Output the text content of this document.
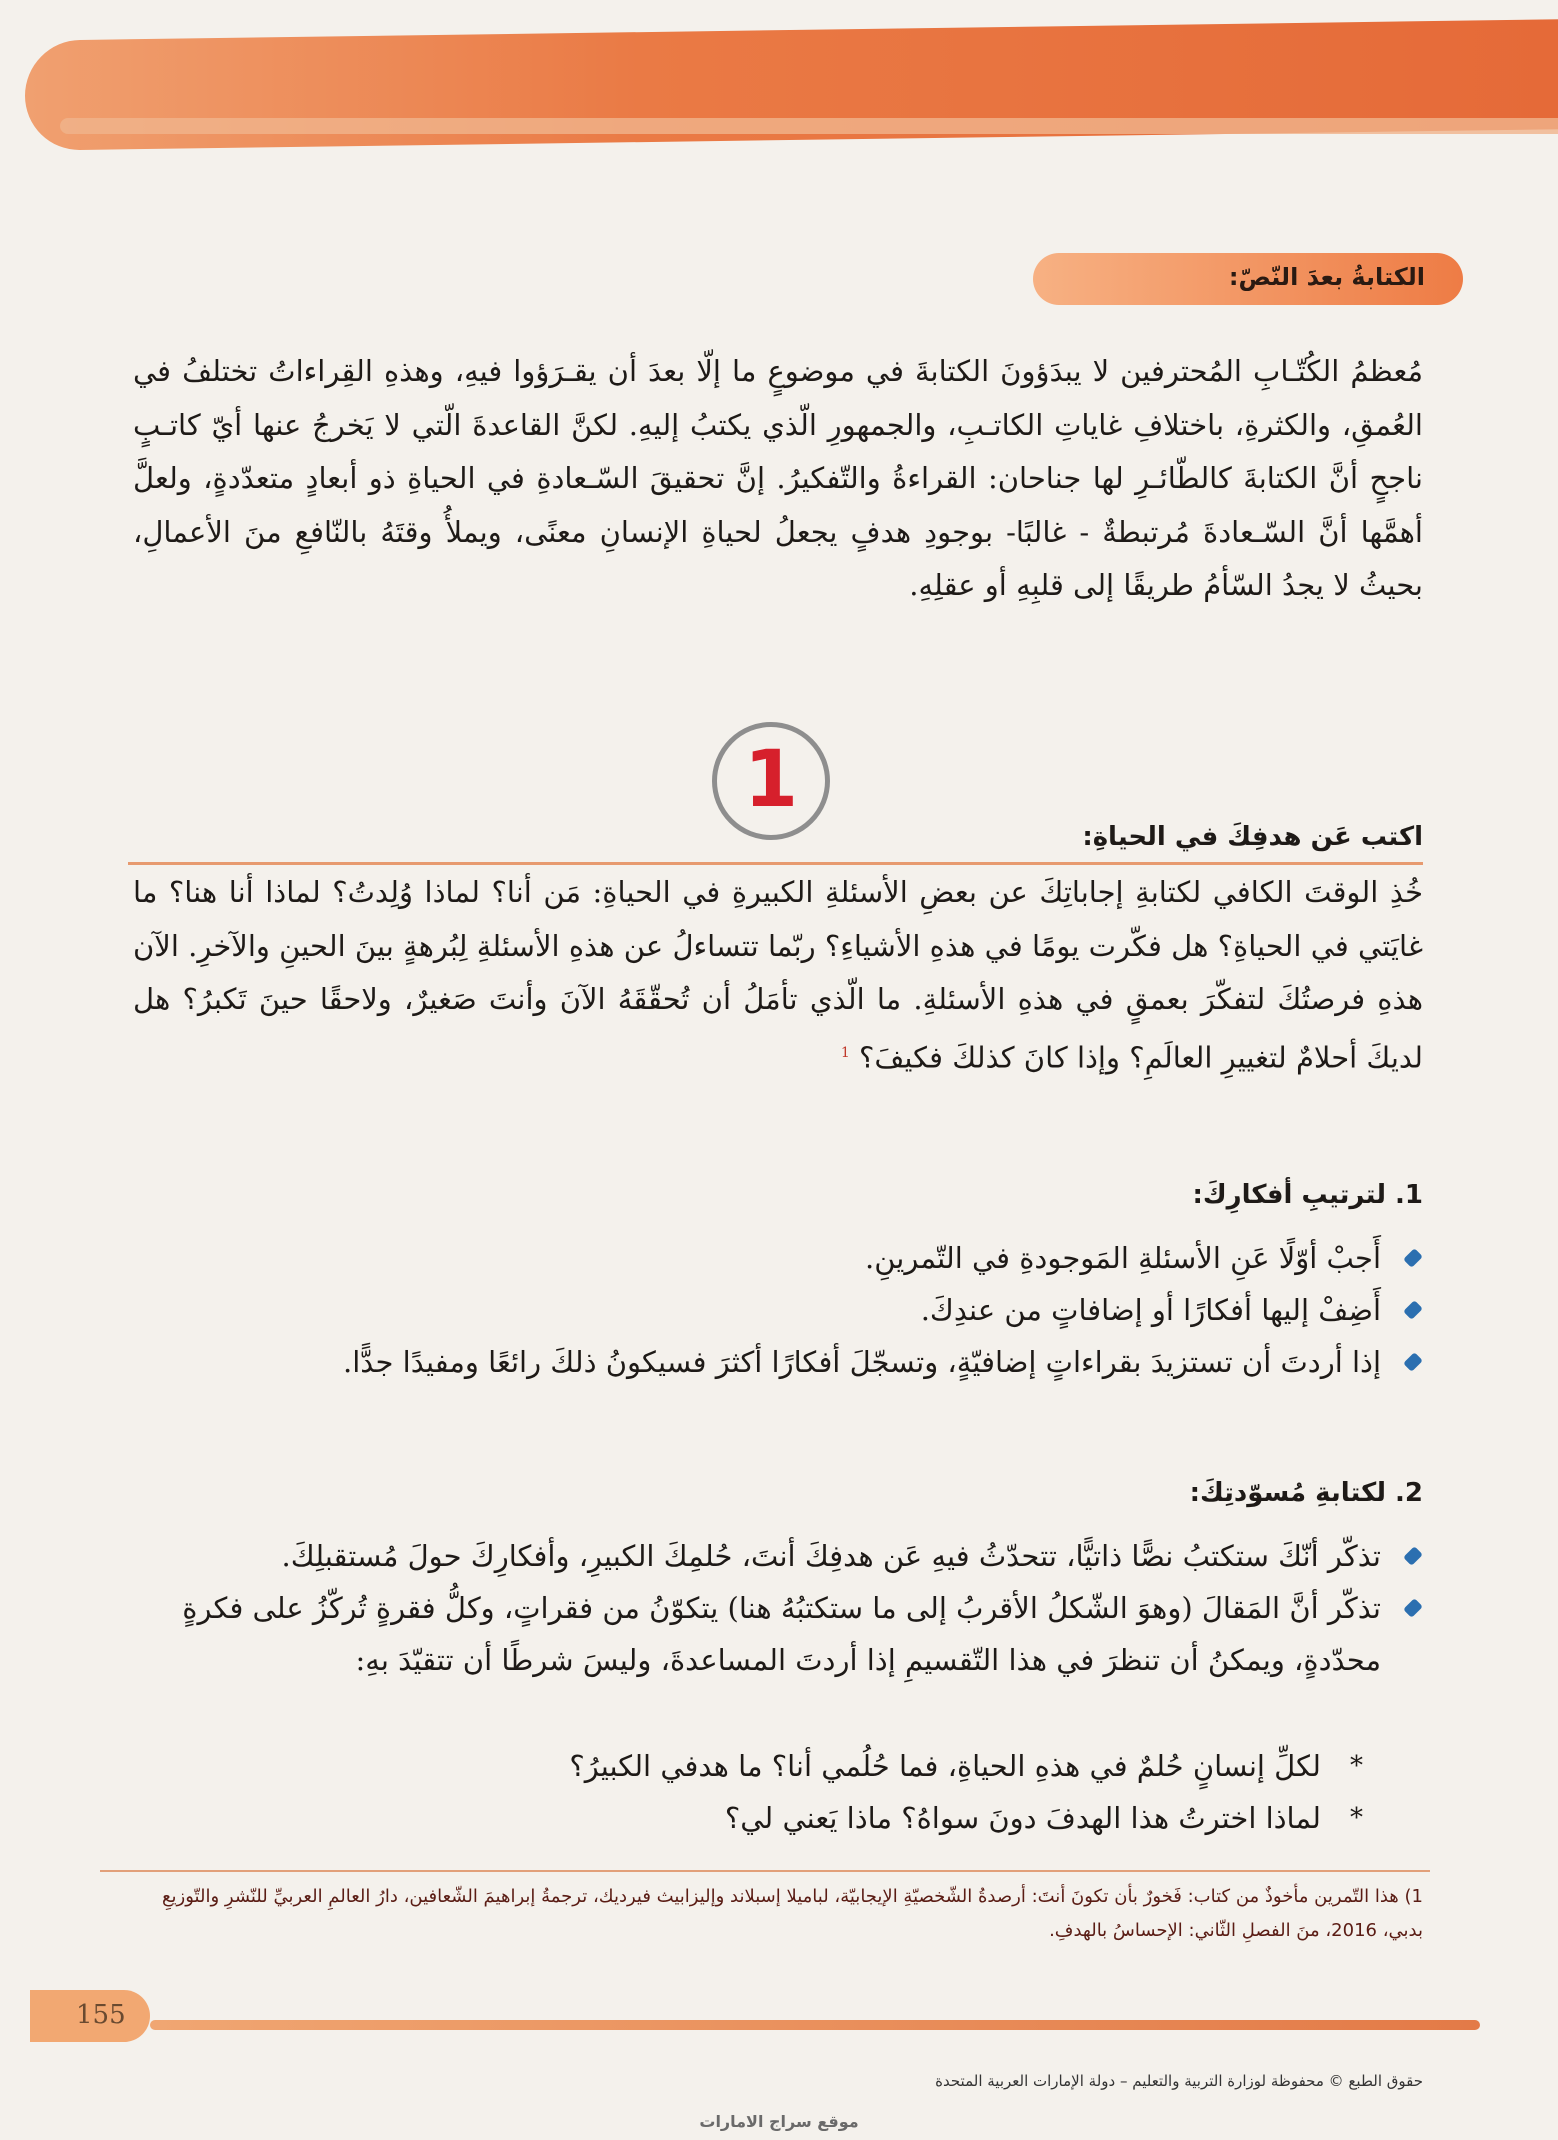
الكتابةُ بعدَ النّصّ:
مُعظمُ الكُتّـابِ المُحترفين لا يبدَؤونَ الكتابةَ في موضوعٍ ما إلّا بعدَ أن يقـرَؤوا فيهِ، وهذهِ القِراءاتُ تختلفُ في العُمقِ، والكثرةِ، باختلافِ غاياتِ الكاتـبِ، والجمهورِ الّذي يكتبُ إليهِ. لكنَّ القاعدةَ الّتي لا يَخرجُ عنها أيّ كاتـبٍ ناجحٍ أنَّ الكتابةَ كالطّائـرِ لها جناحان: القراءةُ والتّفكيرُ. إنَّ تحقيقَ السّـعادةِ في الحياةِ ذو أبعادٍ متعدّدةٍ، ولعلَّ أهمَّها أنَّ السّـعادةَ مُرتبطةٌ - غالبًا- بوجودِ هدفٍ يجعلُ لحياةِ الإنسانِ معنًى، ويملأُ وقتَهُ بالنّافعِ منَ الأعمالِ، بحيثُ لا يجدُ السّأمُ طريقًا إلى قلبِهِ أو عقلِهِ.
1
اكتب عَن هدفِكَ في الحياةِ:
خُذِ الوقتَ الكافي لكتابةِ إجاباتِكَ عن بعضِ الأسئلةِ الكبيرةِ في الحياةِ: مَن أنا؟ لماذا وُلِدتُ؟ لماذا أنا هنا؟ ما غايَتي في الحياةِ؟ هل فكّرت يومًا في هذهِ الأشياءِ؟ ربّما تتساءلُ عن هذهِ الأسئلةِ لِبُرهةٍ بينَ الحينِ والآخرِ. الآن هذهِ فرصتُكَ لتفكّرَ بعمقٍ في هذهِ الأسئلةِ. ما الّذي تأمَلُ أن تُحقّقَهُ الآنَ وأنتَ صَغيرٌ، ولاحقًا حينَ تَكبرُ؟ هل لديكَ أحلامٌ لتغييرِ العالَمِ؟ وإذا كانَ كذلكَ فكيفَ؟ $^1$
1. لترتيبِ أفكارِكَ:
أَجبْ أوّلًا عَنِ الأسئلةِ المَوجودةِ في التّمرينِ.
أَضِفْ إليها أفكارًا أو إضافاتٍ من عندِكَ.
إذا أردتَ أن تستزيدَ بقراءاتٍ إضافيّةٍ، وتسجّلَ أفكارًا أكثرَ فسيكونُ ذلكَ رائعًا ومفيدًا جدًّا.
2. لكتابةِ مُسوّدتِكَ:
تذكّر أنّكَ ستكتبُ نصًّا ذاتيًّا، تتحدّثُ فيهِ عَن هدفِكَ أنتَ، حُلمِكَ الكبيرِ، وأفكارِكَ حولَ مُستقبلِكَ.
تذكّر أنَّ المَقالَ (وهوَ الشّكلُ الأقربُ إلى ما ستكتبُهُ هنا) يتكوّنُ من فقراتٍ، وكلُّ فقرةٍ تُركّزُ على فكرةٍ محدّدةٍ، ويمكنُ أن تنظرَ في هذا التّقسيمِ إذا أردتَ المساعدةَ، وليسَ شرطًا أن تتقيّدَ بهِ:
*
لكلِّ إنسانٍ حُلمٌ في هذهِ الحياةِ، فما حُلُمي أنا؟ ما هدفي الكبيرُ؟
*
لماذا اخترتُ هذا الهدفَ دونَ سواهُ؟ ماذا يَعني لي؟
1) هذا التّمرين مأخوذٌ من كتاب: فَخورٌ بأن تكونَ أنتَ: أرصدةُ الشّخصيّةِ الإيجابيّة، لباميلا إسبلاند وإليزابيث فيرديك، ترجمةُ إبراهيمَ الشّعافين، دارُ العالمِ العربيِّ للنّشرِ والتّوزيعِ بدبي، 2016، منَ الفصلِ الثّاني: الإحساسُ بالهدفِ.
155
حقوق الطبع © محفوظة لوزارة التربية والتعليم – دولة الإمارات العربية المتحدة
موقع سراج الامارات
